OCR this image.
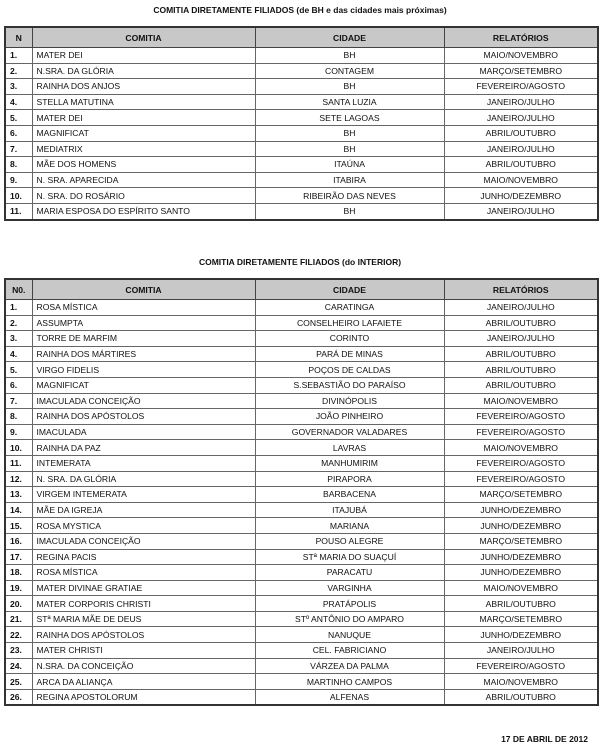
COMITIA DIRETAMENTE FILIADOS (de BH e das cidades mais próximas)
N	COMITIA	CIDADE	RELATÓRIOS
1.	MATER DEI	BH	MAIO/NOVEMBRO
2.	N.SRA. DA GLÓRIA	CONTAGEM	MARÇO/SETEMBRO
3.	RAINHA DOS ANJOS	BH	FEVEREIRO/AGOSTO
4.	STELLA MATUTINA	SANTA LUZIA	JANEIRO/JULHO
5.	MATER DEI	SETE LAGOAS	JANEIRO/JULHO
6.	MAGNIFICAT	BH	ABRIL/OUTUBRO
7.	MEDIATRIX	BH	JANEIRO/JULHO
8.	MÃE DOS HOMENS	ITAÚNA	ABRIL/OUTUBRO
9.	N. SRA. APARECIDA	ITABIRA	MAIO/NOVEMBRO
10.	N. SRA. DO ROSÁRIO	RIBEIRÃO DAS NEVES	JUNHO/DEZEMBRO
11.	MARIA ESPOSA DO ESPÍRITO SANTO	BH	JANEIRO/JULHO
COMITIA DIRETAMENTE FILIADOS (do INTERIOR)
N0.	COMITIA	CIDADE	RELATÓRIOS
1.	ROSA MÍSTICA	CARATINGA	JANEIRO/JULHO
2.	ASSUMPTA	CONSELHEIRO LAFAIETE	ABRIL/OUTUBRO
3.	TORRE DE MARFIM	CORINTO	JANEIRO/JULHO
4.	RAINHA DOS MÁRTIRES	PARÁ DE MINAS	ABRIL/OUTUBRO
5.	VIRGO FIDELIS	POÇOS DE CALDAS	ABRIL/OUTUBRO
6.	MAGNIFICAT	S.SEBASTIÃO DO PARAÍSO	ABRIL/OUTUBRO
7.	IMACULADA CONCEIÇÃO	DIVINÓPOLIS	MAIO/NOVEMBRO
8.	RAINHA DOS APÓSTOLOS	JOÃO PINHEIRO	FEVEREIRO/AGOSTO
9.	IMACULADA	GOVERNADOR VALADARES	FEVEREIRO/AGOSTO
10.	RAINHA DA PAZ	LAVRAS	MAIO/NOVEMBRO
11.	INTEMERATA	MANHUMIRIM	FEVEREIRO/AGOSTO
12.	N. SRA. DA GLÓRIA	PIRAPORA	FEVEREIRO/AGOSTO
13.	VIRGEM INTEMERATA	BARBACENA	MARÇO/SETEMBRO
14.	MÃE DA IGREJA	ITAJUBÁ	JUNHO/DEZEMBRO
15.	ROSA MYSTICA	MARIANA	JUNHO/DEZEMBRO
16.	IMACULADA CONCEIÇÃO	POUSO ALEGRE	MARÇO/SETEMBRO
17.	REGINA PACIS	STª MARIA DO SUAÇUÍ	JUNHO/DEZEMBRO
18.	ROSA MÍSTICA	PARACATU	JUNHO/DEZEMBRO
19.	MATER DIVINAE GRATIAE	VARGINHA	MAIO/NOVEMBRO
20.	MATER CORPORIS CHRISTI	PRATÁPOLIS	ABRIL/OUTUBRO
21.	STª MARIA MÃE DE DEUS	STº ANTÔNIO DO AMPARO	MARÇO/SETEMBRO
22.	RAINHA DOS APÓSTOLOS	NANUQUE	JUNHO/DEZEMBRO
23.	MATER CHRISTI	CEL. FABRICIANO	JANEIRO/JULHO
24.	N.SRA. DA CONCEIÇÃO	VÁRZEA DA PALMA	FEVEREIRO/AGOSTO
25.	ARCA DA ALIANÇA	MARTINHO CAMPOS	MAIO/NOVEMBRO
26.	REGINA APOSTOLORUM	ALFENAS	ABRIL/OUTUBRO
17 DE ABRIL DE 2012
